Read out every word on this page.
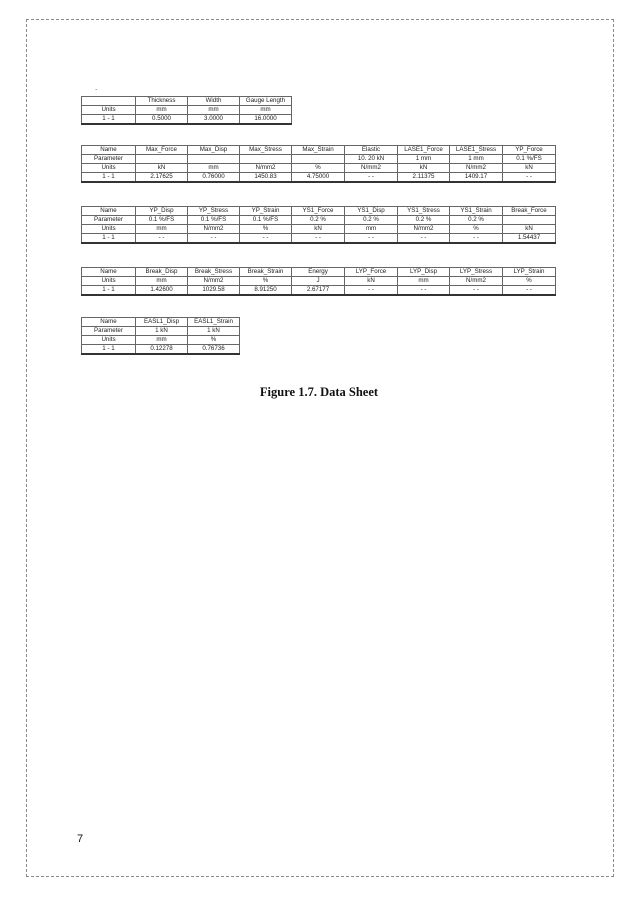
.
	Thickness	Width	Gauge Length
Units	mm	mm	mm
1 - 1	0.5000	3.0000	16.0000
Name	Max_Force	Max_Disp	Max_Stress	Max_Strain	Elastic	LASE1_Force	LASE1_Stress	YP_Force
Parameter					10. 20 kN	1 mm	1 mm	0.1 %/FS
Units	kN	mm	N/mm2	%	N/mm2	kN	N/mm2	kN
1 - 1	2.17625	0.76000	1450.83	4.75000	- -	2.11375	1409.17	- -
Name	YP_Disp	YP_Stress	YP_Strain	YS1_Force	YS1_Disp	YS1_Stress	YS1_Strain	Break_Force
Parameter	0.1 %/FS	0.1 %/FS	0.1 %/FS	0.2 %	0.2 %	0.2 %	0.2 %	
Units	mm	N/mm2	%	kN	mm	N/mm2	%	kN
1 - 1	- -	- -	- -	- -	- -	- -	- -	1.54437
Name	Break_Disp	Break_Stress	Break_Strain	Energy	LYP_Force	LYP_Disp	LYP_Stress	LYP_Strain
Units	mm	N/mm2	%	J	kN	mm	N/mm2	%
1 - 1	1.42600	1029.58	8.91250	2.67177	- -	- -	- -	- -
Name	EASL1_Disp	EASL1_Strain
Parameter	1 kN	1 kN
Units	mm	%
1 - 1	0.12278	0.76736
Figure 1.7. Data Sheet
7
